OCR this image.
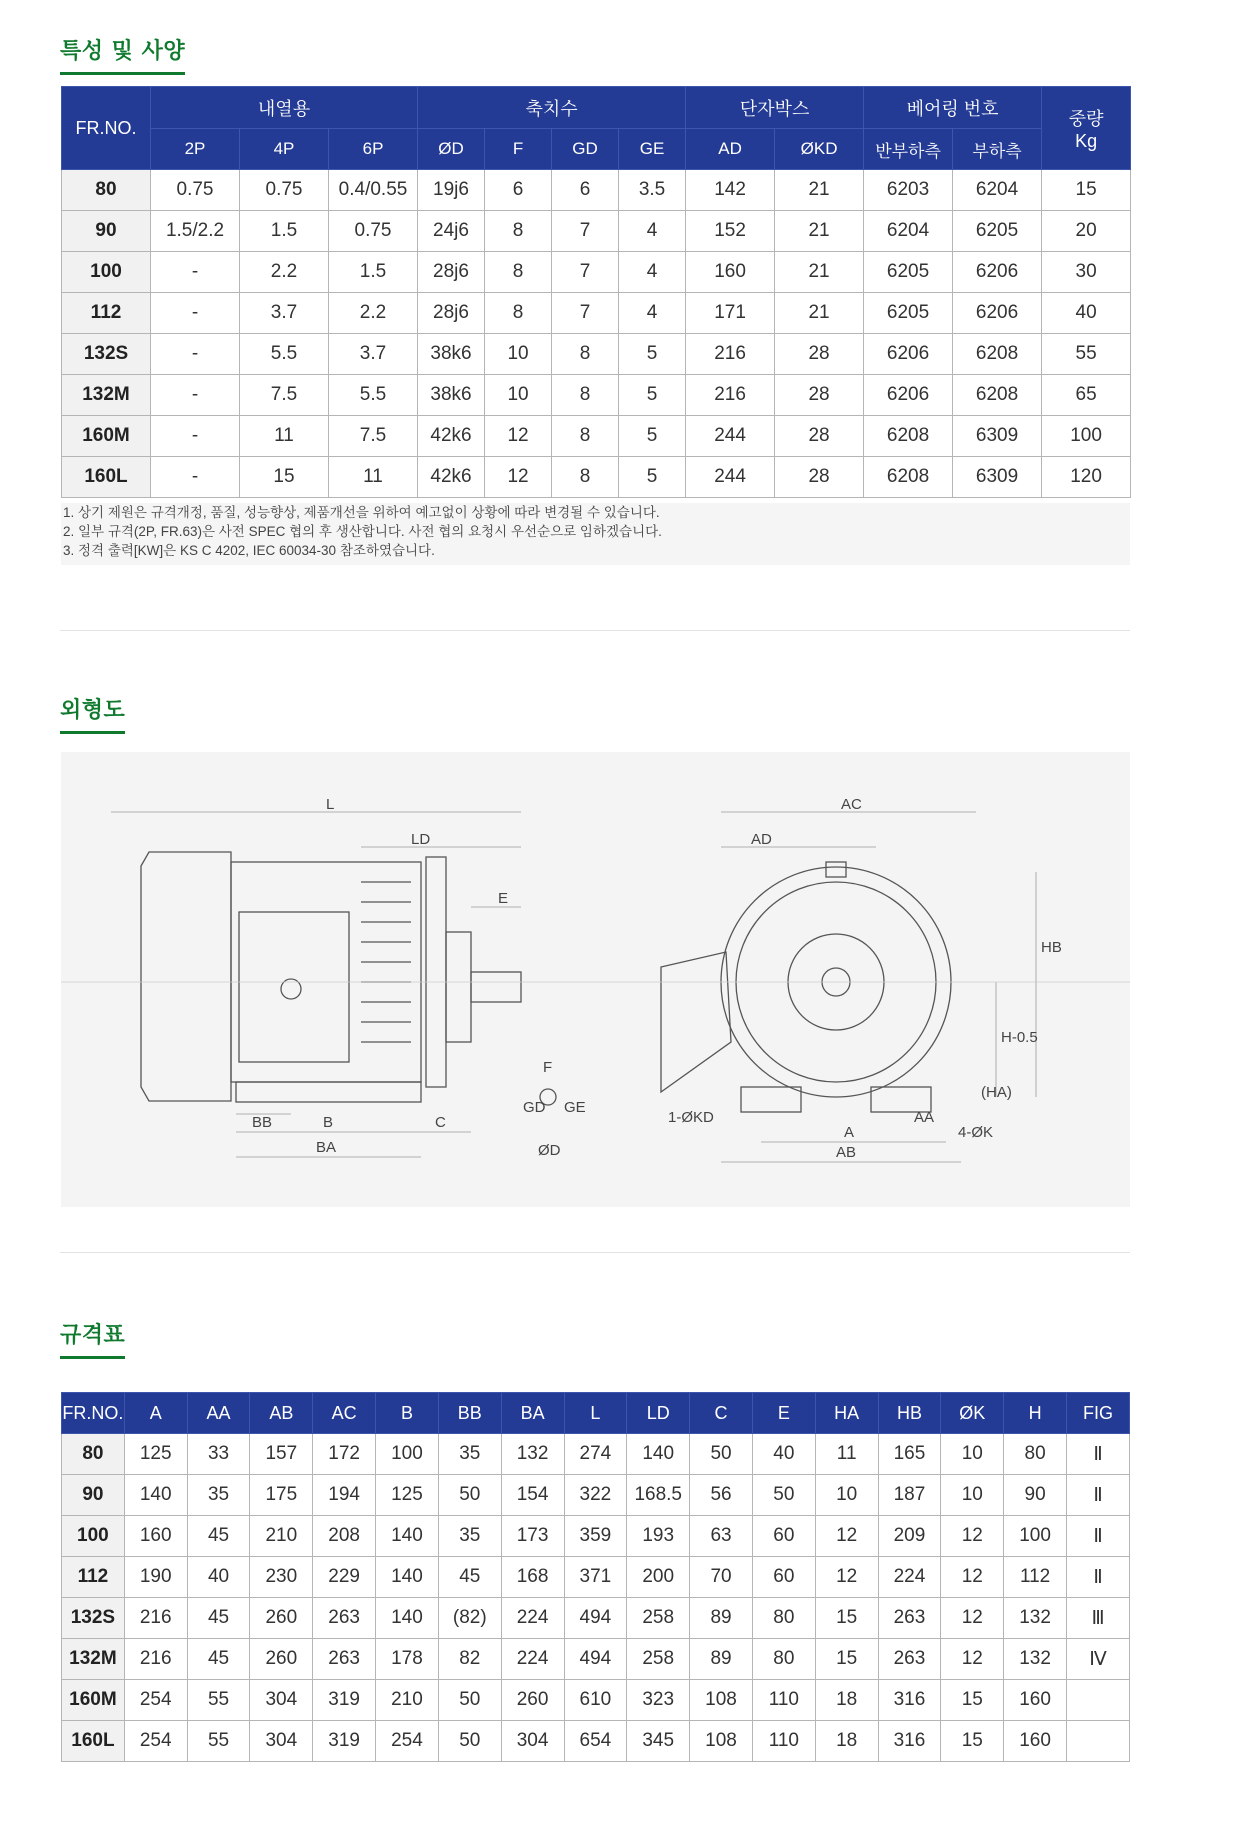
특성 및 사양
FR.NO.	내열용			축치수				단자박스		베어링 번호		중량
Kg

	2P	4P	6P	ØD	F	GD	GE	AD	ØKD	반부하측	부하측	
80	0.75	0.75	0.4/0.55	19j6	6	6	3.5	142	21	6203	6204	15
90	1.5/2.2	1.5	0.75	24j6	8	7	4	152	21	6204	6205	20
100	-	2.2	1.5	28j6	8	7	4	160	21	6205	6206	30
112	-	3.7	2.2	28j6	8	7	4	171	21	6205	6206	40
132S	-	5.5	3.7	38k6	10	8	5	216	28	6206	6208	55
132M	-	7.5	5.5	38k6	10	8	5	216	28	6206	6208	65
160M	-	11	7.5	42k6	12	8	5	244	28	6208	6309	100
160L	-	15	11	42k6	12	8	5	244	28	6208	6309	120
1. 상기 제원은 규격개정, 품질, 성능향상, 제품개선을 위하여 예고없이 상황에 따라 변경될 수 있습니다.
2. 일부 규격(2P, FR.63)은 사전 SPEC 협의 후 생산합니다. 사전 협의 요청시 우선순으로 임하겠습니다.
3. 정격 출력[KW]은 KS C 4202, IEC 60034-30 참조하였습니다.
외형도
L
LD
E
BB	B
BA
C
F
GD GE
ØD
AC
AD
HB
H-0.5
(HA)
1-ØKD
A
AA
AB
4-ØK
규격표
FR.NO.	A	AA	AB	AC	B	BB	BA	L	LD	C	E	HA	HB	ØK	H	FIG
80	125	33	157	172	100	35	132	274	140	50	40	11	165	10	80	Ⅱ
90	140	35	175	194	125	50	154	322	168.5	56	50	10	187	10	90	Ⅱ
100	160	45	210	208	140	35	173	359	193	63	60	12	209	12	100	Ⅱ
112	190	40	230	229	140	45	168	371	200	70	60	12	224	12	112	Ⅱ
132S	216	45	260	263	140	(82)	224	494	258	89	80	15	263	12	132	Ⅲ
132M	216	45	260	263	178	82	224	494	258	89	80	15	263	12	132	Ⅳ
160M	254	55	304	319	210	50	260	610	323	108	110	18	316	15	160	
160L	254	55	304	319	254	50	304	654	345	108	110	18	316	15	160	
